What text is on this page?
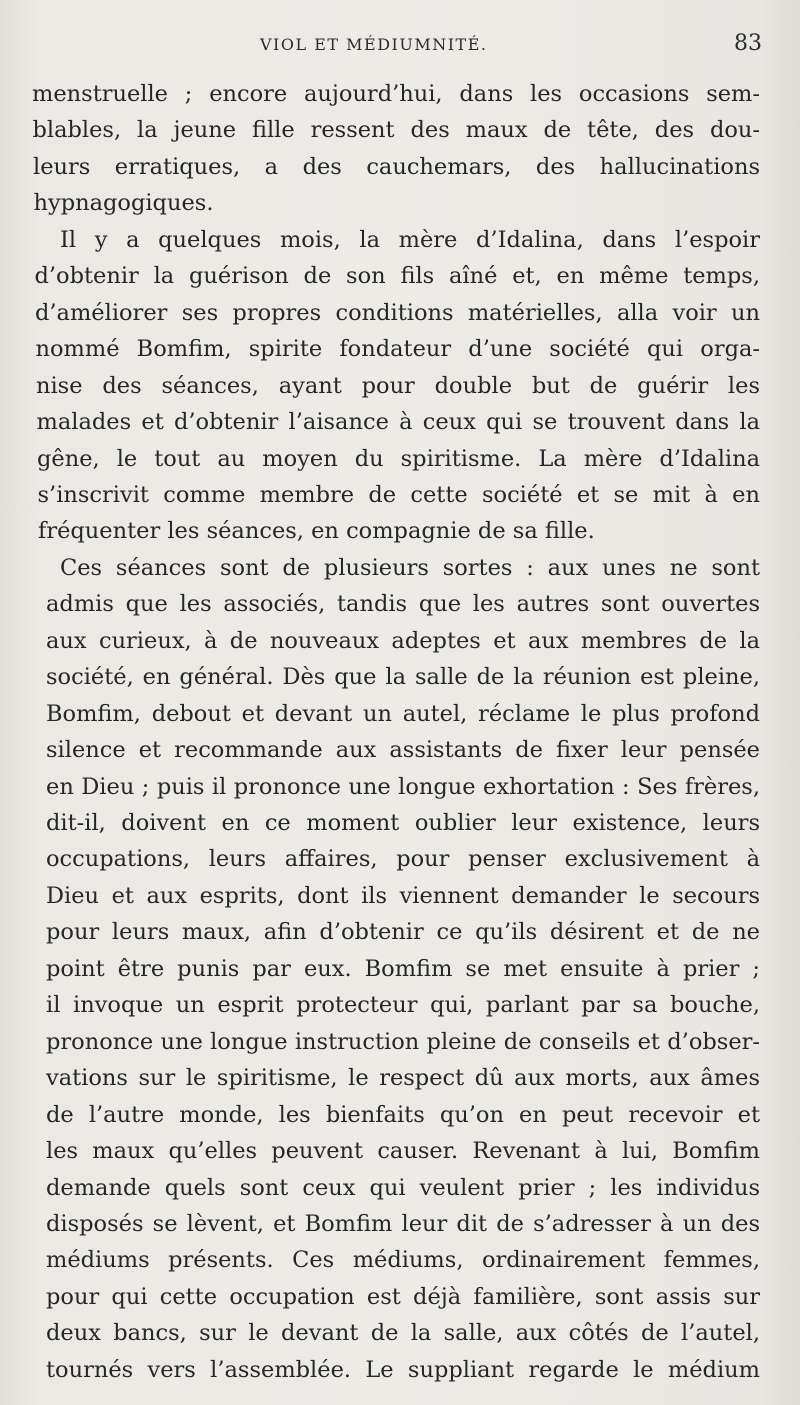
VIOL ET MÉDIUMNITÉ.	83
menstruelle ; encore aujourd’hui, dans les occasions sem-
blables, la jeune fille ressent des maux de tête, des dou-
leurs erratiques, a des cauchemars, des hallucinations
hypnagogiques.
Il y a quelques mois, la mère d’Idalina, dans l’espoir
d’obtenir la guérison de son fils aîné et, en même temps,
d’améliorer ses propres conditions matérielles, alla voir un
nommé Bomfim, spirite fondateur d’une société qui orga-
nise des séances, ayant pour double but de guérir les
malades et d’obtenir l’aisance à ceux qui se trouvent dans la
gêne, le tout au moyen du spiritisme. La mère d’Idalina
s’inscrivit comme membre de cette société et se mit à en
fréquenter les séances, en compagnie de sa fille.
Ces séances sont de plusieurs sortes : aux unes ne sont
admis que les associés, tandis que les autres sont ouvertes
aux curieux, à de nouveaux adeptes et aux membres de la
société, en général. Dès que la salle de la réunion est pleine,
Bomfim, debout et devant un autel, réclame le plus profond
silence et recommande aux assistants de fixer leur pensée
en Dieu ; puis il prononce une longue exhortation : Ses frères,
dit-il, doivent en ce moment oublier leur existence, leurs
occupations, leurs affaires, pour penser exclusivement à
Dieu et aux esprits, dont ils viennent demander le secours
pour leurs maux, afin d’obtenir ce qu’ils désirent et de ne
point être punis par eux. Bomfim se met ensuite à prier ;
il invoque un esprit protecteur qui, parlant par sa bouche,
prononce une longue instruction pleine de conseils et d’obser-
vations sur le spiritisme, le respect dû aux morts, aux âmes
de l’autre monde, les bienfaits qu’on en peut recevoir et
les maux qu’elles peuvent causer. Revenant à lui, Bomfim
demande quels sont ceux qui veulent prier ; les individus
disposés se lèvent, et Bomfim leur dit de s’adresser à un des
médiums présents. Ces médiums, ordinairement femmes,
pour qui cette occupation est déjà familière, sont assis sur
deux bancs, sur le devant de la salle, aux côtés de l’autel,
tournés vers l’assemblée. Le suppliant regarde le médium
